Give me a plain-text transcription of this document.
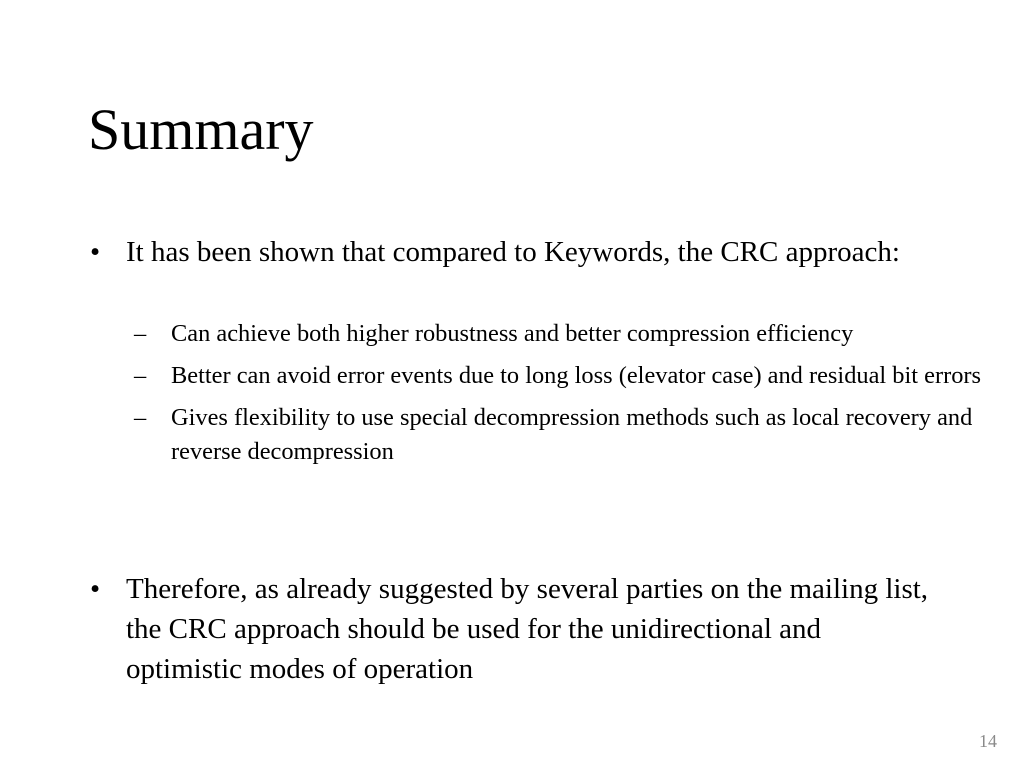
Summary
• It has been shown that compared to Keywords, the CRC approach:
–	Can achieve both higher robustness and better compression efficiency
–	Better can avoid error events due to long loss (elevator case) and residual bit errors
–	Gives flexibility to use special decompression methods such as local recovery and reverse decompression
• Therefore, as already suggested by several parties on the mailing list, the CRC approach should be used for the unidirectional and optimistic modes of operation
14
